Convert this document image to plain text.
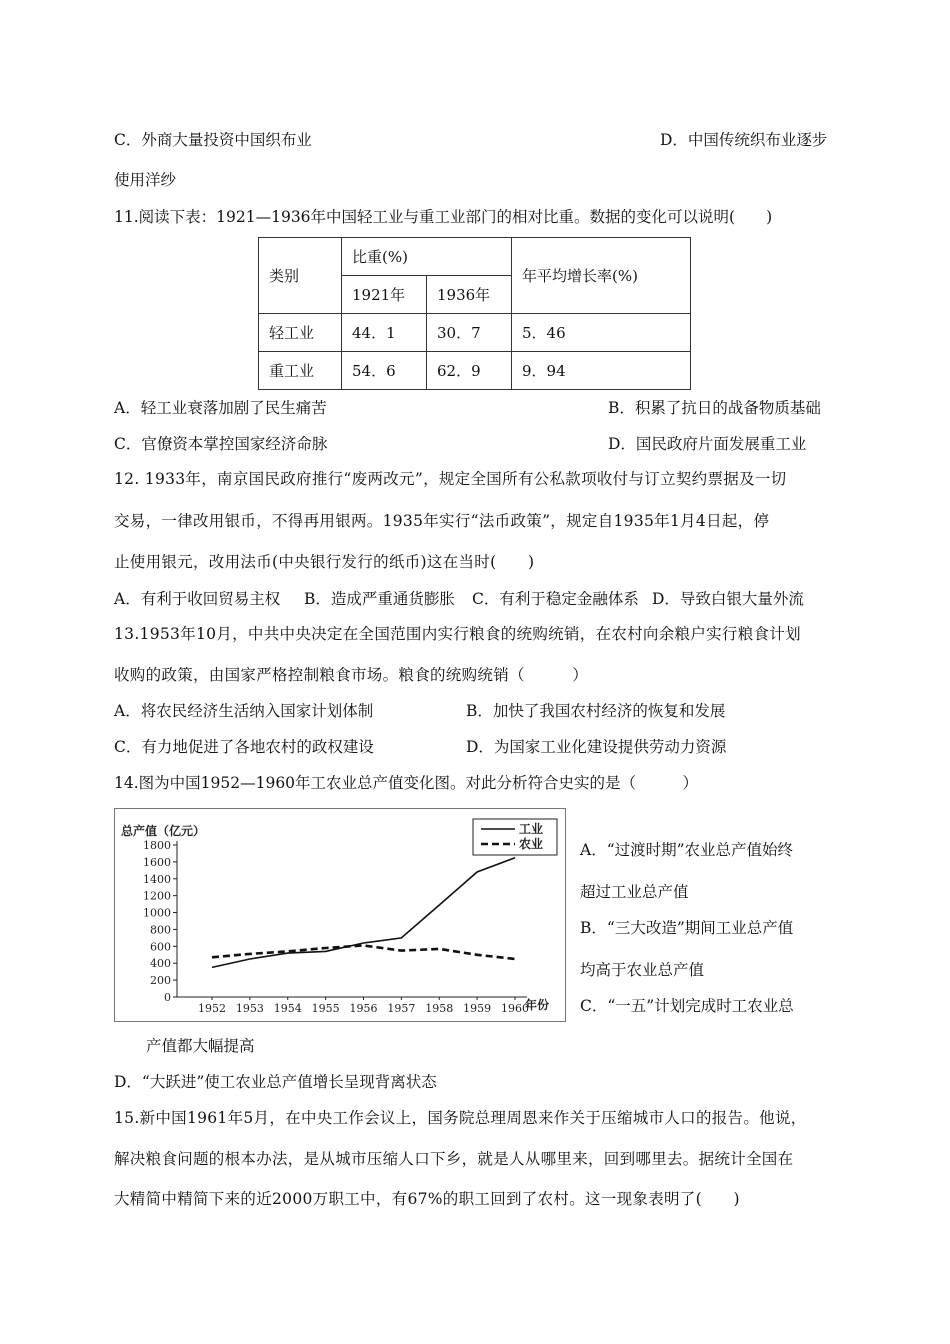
C．外商大量投资中国织布业	D．中国传统织布业逐步
使用洋纱
11.阅读下表：1921—1936年中国轻工业与重工业部门的相对比重。数据的变化可以说明(　　)
类别	比重(%)		年平均增长率(%)
	1921年	1936年	
轻工业	44．1	30．7	5．46
重工业	54．6	62．9	9．94
A．轻工业衰落加剧了民生痛苦	B．积累了抗日的战备物质基础
C．官僚资本掌控国家经济命脉	D．国民政府片面发展重工业
12. 1933年，南京国民政府推行“废两改元”，规定全国所有公私款项收付与订立契约票据及一切
交易，一律改用银币，不得再用银两。1935年实行“法币政策”，规定自1935年1月4日起，停
止使用银元，改用法币(中央银行发行的纸币)这在当时(　　)
A．有利于收回贸易主权 B．造成严重通货膨胀 C．有利于稳定金融体系 D．导致白银大量外流
13.1953年10月，中共中央决定在全国范围内实行粮食的统购统销，在农村向余粮户实行粮食计划
收购的政策，由国家严格控制粮食市场。粮食的统购统销（　　　）
A．将农民经济生活纳入国家计划体制	B．加快了我国农村经济的恢复和发展
C．有力地促进了各地农村的政权建设	D．为国家工业化建设提供劳动力资源
14.图为中国1952—1960年工农业总产值变化图。对此分析符合史实的是（　　　）
总产值（亿元）
年份
0
200
400
600
800
1000
1200
1400
1600
1800
1952 1953 1954 1955 1956 1957 1958 1959 1960
工业
农业 A．“过渡时期”农业总产值始终
超过工业总产值
B．“三大改造”期间工业总产值
均高于农业总产值
C．“一五”计划完成时工农业总
产值都大幅提高
D．“大跃进”使工农业总产值增长呈现背离状态
15.新中国1961年5月，在中央工作会议上，国务院总理周恩来作关于压缩城市人口的报告。他说，
解决粮食问题的根本办法，是从城市压缩人口下乡，就是人从哪里来，回到哪里去。据统计全国在
大精简中精简下来的近2000万职工中，有67%的职工回到了农村。这一现象表明了(　　)
